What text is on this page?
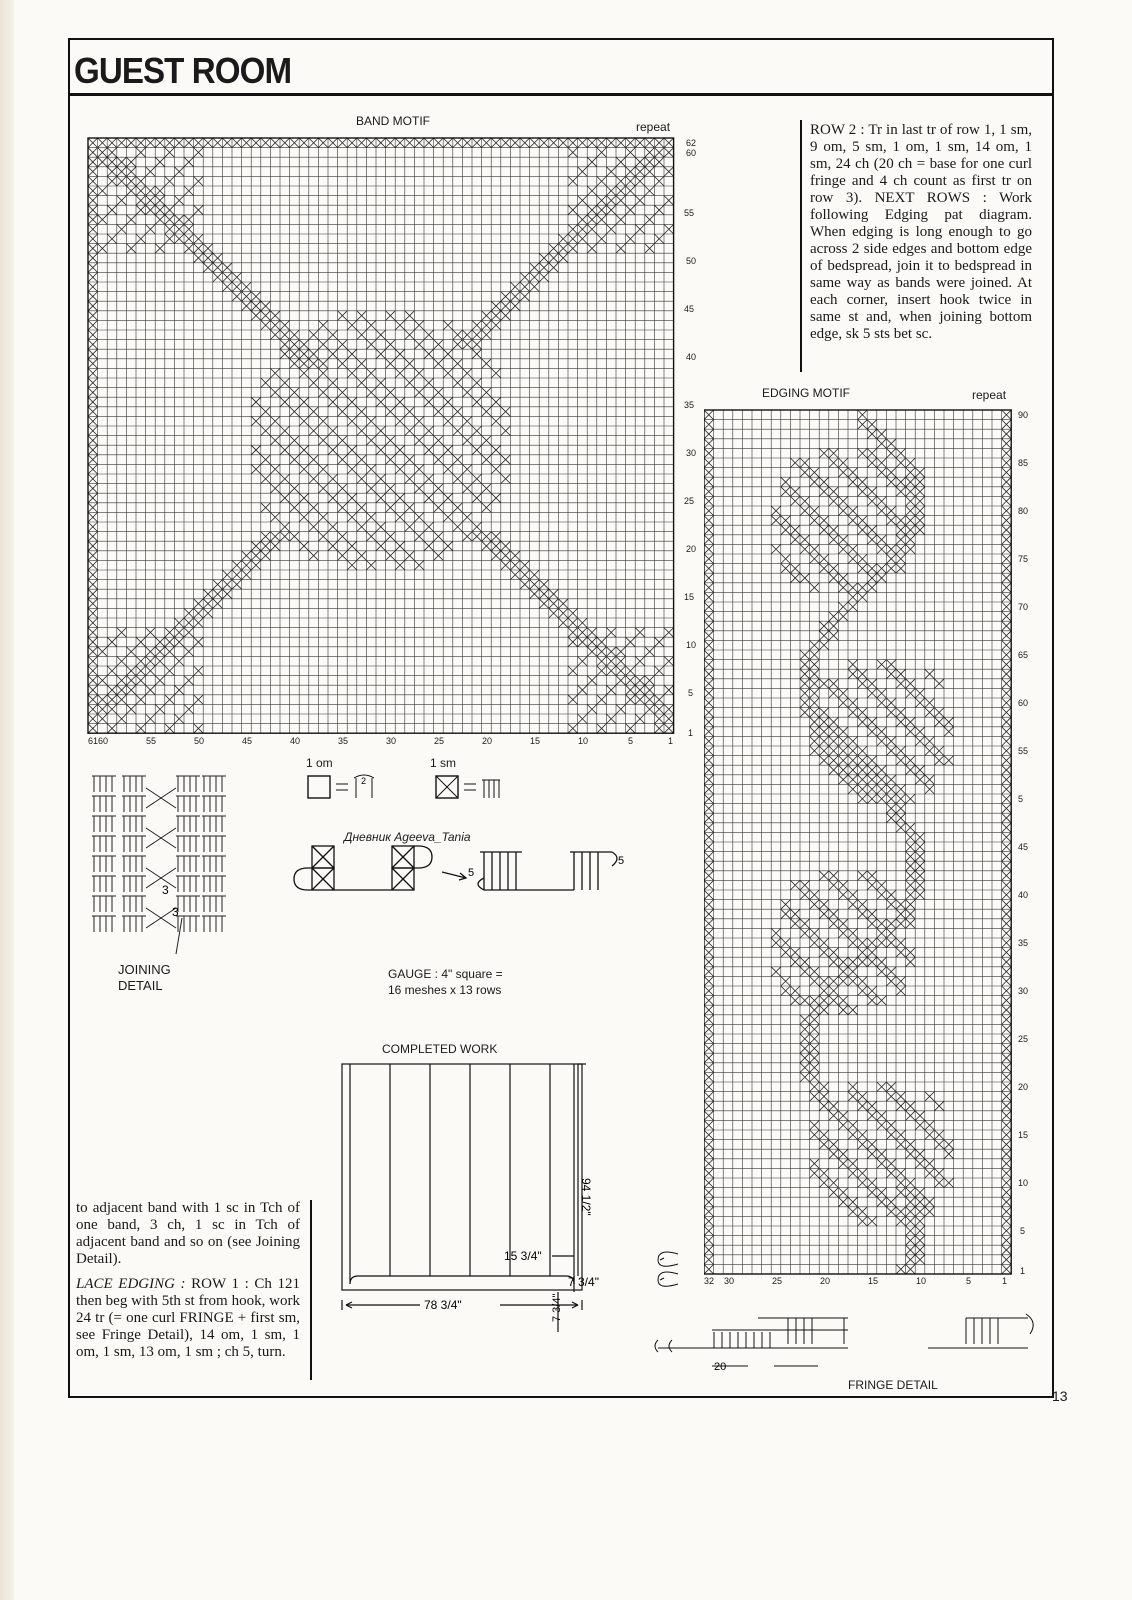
GUEST ROOM
BAND MOTIF	repeat
61 60	55	50	45	40	35	30	25	20	15	10	5	1
62
60
55
50
45
40
35
30
25
20
15
10
5
1
ROW 2 : Tr in last tr of row 1, 1 sm, 9 om, 5 sm, 1 om, 1 sm, 14 om, 1 sm, 24 ch (20 ch = base for one curl fringe and 4 ch count as first tr on row 3). NEXT ROWS : Work following Edging pat diagram. When edging is long enough to go across 2 side edges and bottom edge of bedspread, join it to bedspread in same way as bands were joined. At each corner, insert hook twice in same st and, when joining bottom edge, sk 5 sts bet sc.
EDGING MOTIF	repeat
32 30	25	20	15	10	5	1
90
85
80
75
70
65
60
55
5
45
40
35
30
25
20
15
10
5
1
1 om	1 sm
2
3
3
JOINING
DETAIL
Дневник Ageeva_Tania
5
5
GAUGE : 4" square =
16 meshes x 13 rows
COMPLETED WORK
94 1/2"
78 3/4"
15 3/4"
7 3/4"
7 3/4"

to adjacent band with 1 sc in Tch of one band, 3 ch, 1 sc in Tch of adjacent band and so on (see Joining Detail).

LACE EDGING : ROW 1 : Ch 121 then beg with 5th st from hook, work 24 tr (= one curl FRINGE + first sm, see Fringe Detail), 14 om, 1 sm, 1 om, 1 sm, 13 om, 1 sm ; ch 5, turn.

20
FRINGE DETAIL
13
